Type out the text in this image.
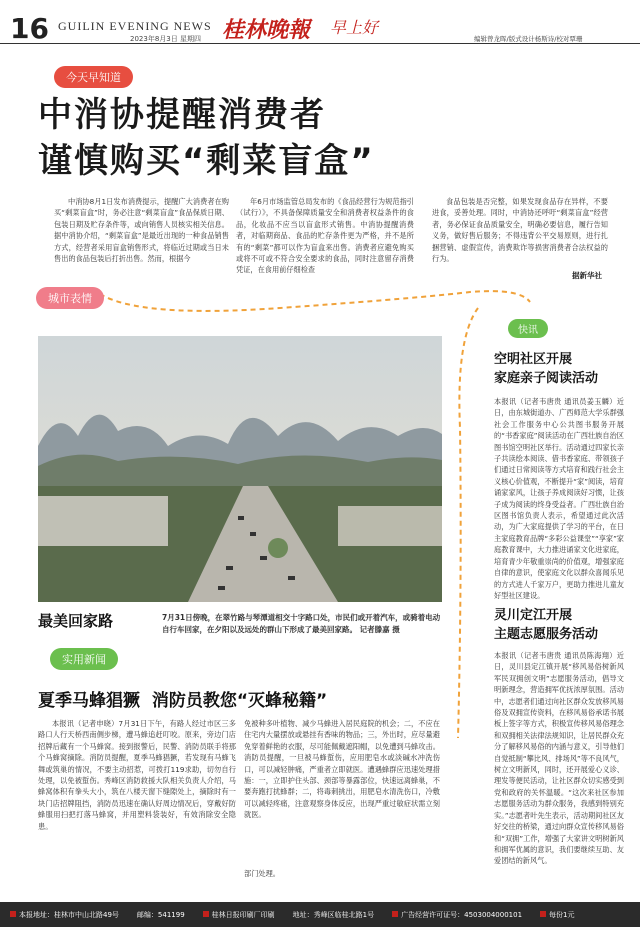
16 GUILIN EVENING NEWS
2023年8月3日 星期四 桂林晚報 早上好
编辑曾龙晖/版式设计杨斯诗/校对覃珊
今天早知道
中消协提醒消费者
谨慎购买“剩菜盲盒”
中消协8月1日发布消费提示，提醒广大消费者在购买“剩菜盲盒”时，务必注意“剩菜盲盒”食品保质日期、包装日期及贮存条件等，或向销售人员核实相关信息。据中消协介绍，“剩菜盲盒”是最近出现的一种食品销售方式，经营者采用盲盒销售形式，将临近过期或当日未售出的食品包装后打折出售。然而，根据今
年6月市场监管总局发布的《食品经营行为规范指引（试行）》，不具备保障质量安全和消费者权益条件的食品，化妆品不应当以盲盒形式销售。中消协提醒消费者，对临期商品、食品的贮存条件更为严格，并不是所有的“剩菜”都可以作为盲盒来出售。消费者应避免购买或将不可或不符合安全要求的食品，同时注意留存消费凭证，在食用前仔细检查
食品包装是否完整，如果发现食品存在异样，不要进食，妥善处理。同时，中消协还呼吁“剩菜盲盒”经营者，务必保证食品质量安全，明确必要信息，履行告知义务，做好售后服务；不得违背公平交易原则，进行扎捆营销、虚假宣传，消费欺诈等损害消费者合法权益的行为。
据新华社
城市表情
最美回家路	7月31日傍晚，在翠竹路与琴潭道相交十字路口处，市民们或开着汽车，或骑着电动自行车回家，在夕阳以及远处的群山下形成了最美回家路。 记者滕嘉 摄
快讯
空明社区开展
家庭亲子阅读活动
本报讯（记者韦唐贵 通讯员姜玉麟）近日，由东城街道办、广西师范大学乐群强社会工作服务中心公共图书服务开展的“书香家庭”阅读活动在广西壮族自治区图书馆空明社区举行。活动通过四家长亲子共读绘本阅读、借书香家庭、带领孩子们通过日常阅读等方式培育和践行社会主义核心价值观，不断提升“家”阅读，培育诵家家风，让孩子养成阅读好习惯，让孩子成为阅读的终身受益者。广西壮族自治区图书馆负责人表示，希望通过此次活动，为广大家庭提供了学习的平台，在日主家庭教育品牌“多彩公益课堂”“享家”家庭教育课中，大力推进诵家文化进家庭，培育青少年敬重崇尚的价值观，增强家庭自律的意识，使家庭文化以群众喜闻乐见的方式进人千家万户，更助力推进儿童友好型社区建设。
灵川定江开展
主题志愿服务活动
本报讯（记者韦唐贵 通讯员陈海翔）近日，灵川县定江镇开展“移风易俗树新风 军民双拥创文明”志愿服务活动，倡导文明新理念，营造拥军优抚浓厚氛围。活动中，志愿者们通过向社区群众发放移风易俗及双拥宣传资料，在移风易俗承诺书展板上签字等方式，积极宣传移风易俗理念和双拥相关法律法规知识，让居民群众充分了解移风易俗的内涵与意义，引导他们自觉抵制“攀比风、排场风”等不良风气，树立文明新风，同时，还开展爱心义诊、理发等便民活动，让社区群众切实感受到党和政府的关怀温暖。“这次来社区参加志愿服务活动为群众服务，我感到特别充实。”志愿者叶先生表示，活动期间社区友好交往的桥梁，通过向群众宣传移风易俗和“双拥”工作，增强了大家讲文明树新风和拥军优属的意识，我们要继续互助、友爱团结的新风气。
实用新闻
夏季马蜂猖獗  消防员教您“灭蜂秘籍”
本报讯（记者申晓）7月31日下午，有路人经过市区三多路口人行天桥西南侧步梯，遭马蜂追赶叮咬。原来，旁边门店招牌后藏有一个马蜂窝。接到报警后，民警、消防员联手将那个马蜂窝摘除。消防员提醒，夏季马蜂猖獗，若发现有马蜂飞舞或筑巢的情况，不要主动招惹，可拨打119求助，切勿自行处理，以免被蜇伤。秀峰区消防救援大队相关负责人介绍，马蜂窝体积有拳头大小，筑在八楼天窗下缝隙处上，摘除时有一块门店招牌阻挡，消防员迅速在确认好周边情况后，穿戴好防蜂服用扫把打落马蜂窝，并用塑料袋装好，有效消除安全隐患。
免被种多叶植物、减少马蜂进入居民庭院的机会；二，不应在住宅内大量摆放或悬挂有香味的物品；三，外出时，应尽量避免穿着鲜艳的衣服，尽可能佩戴遮阳帽，以免遭到马蜂攻击。消防员提醒，一旦被马蜂蜇伤，应用肥皂水或淡碱水冲洗伤口，可以减轻肿痛，严重者立即就医。遭遇蜂群应迅速处理措施：一，立即护住头部、颈部等暴露部位，快速远离蜂巢，不要奔跑打扰蜂群；二，将毒刺挑出，用肥皂水清洗伤口，冷敷可以减轻疼痛，注意观察身体反应，出现严重过敏症状需立刻就医。
部门处理。
本报地址：桂林市中山北路49号	邮编：541199	桂林日报印刷厂印刷	地址：秀峰区临桂北路1号	广告经营许可证号：4503004000101	每份1元
